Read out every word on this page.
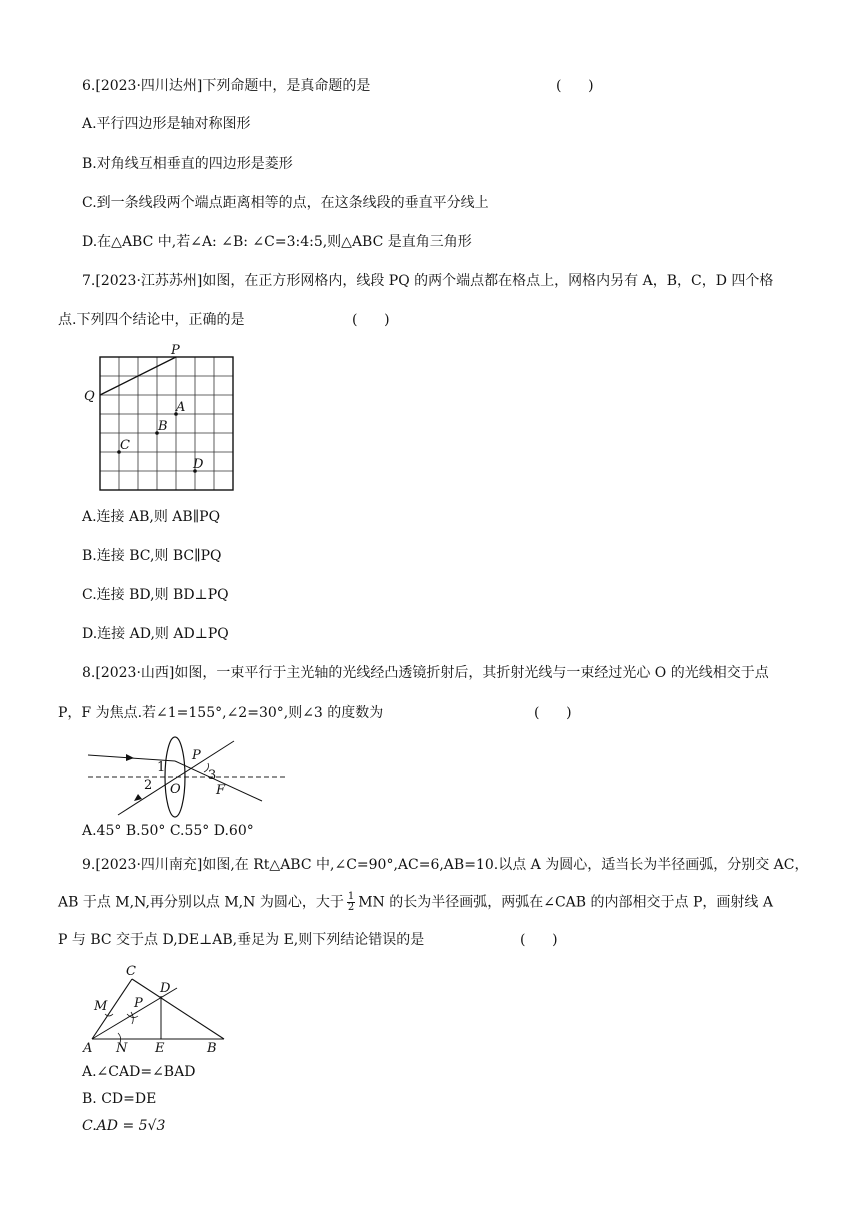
6.[2023·四川达州]下列命题中，是真命题的是	(      )
A.平行四边形是轴对称图形
B.对角线互相垂直的四边形是菱形
C.到一条线段两个端点距离相等的点，在这条线段的垂直平分线上
D.在△ABC 中,若∠A: ∠B: ∠C=3:4:5,则△ABC 是直角三角形
7.[2023·江苏苏州]如图，在正方形网格内，线段 PQ 的两个端点都在格点上，网格内另有 A，B，C，D 四个格
点.下列四个结论中，正确的是	(      )
P
Q
A
B
C
D
A.连接 AB,则 AB∥PQ
B.连接 BC,则 BC∥PQ
C.连接 BD,则 BD⊥PQ
D.连接 AD,则 AD⊥PQ
8.[2023·山西]如图，一束平行于主光轴的光线经凸透镜折射后，其折射光线与一束经过光心 O 的光线相交于点
P，F 为焦点.若∠1=155°,∠2=30°,则∠3 的度数为	(      )
1
2
3
P
O	F
A.45° B.50° C.55° D.60°
9.[2023·四川南充]如图,在 Rt△ABC 中,∠C=90°,AC=6,AB=10.以点 A 为圆心，适当长为半径画弧，分别交 AC，
AB 于点 M,N,再分别以点 M,N 为圆心，大于 $\frac{1}{2}$ MN 的长为半径画弧，两弧在∠CAB 的内部相交于点 P，画射线 A
P 与 BC 交于点 D,DE⊥AB,垂足为 E,则下列结论错误的是	(      )
C
D
M P
A N E	B
A.∠CAD=∠BAD
B. CD=DE
C.AD = 5√3
